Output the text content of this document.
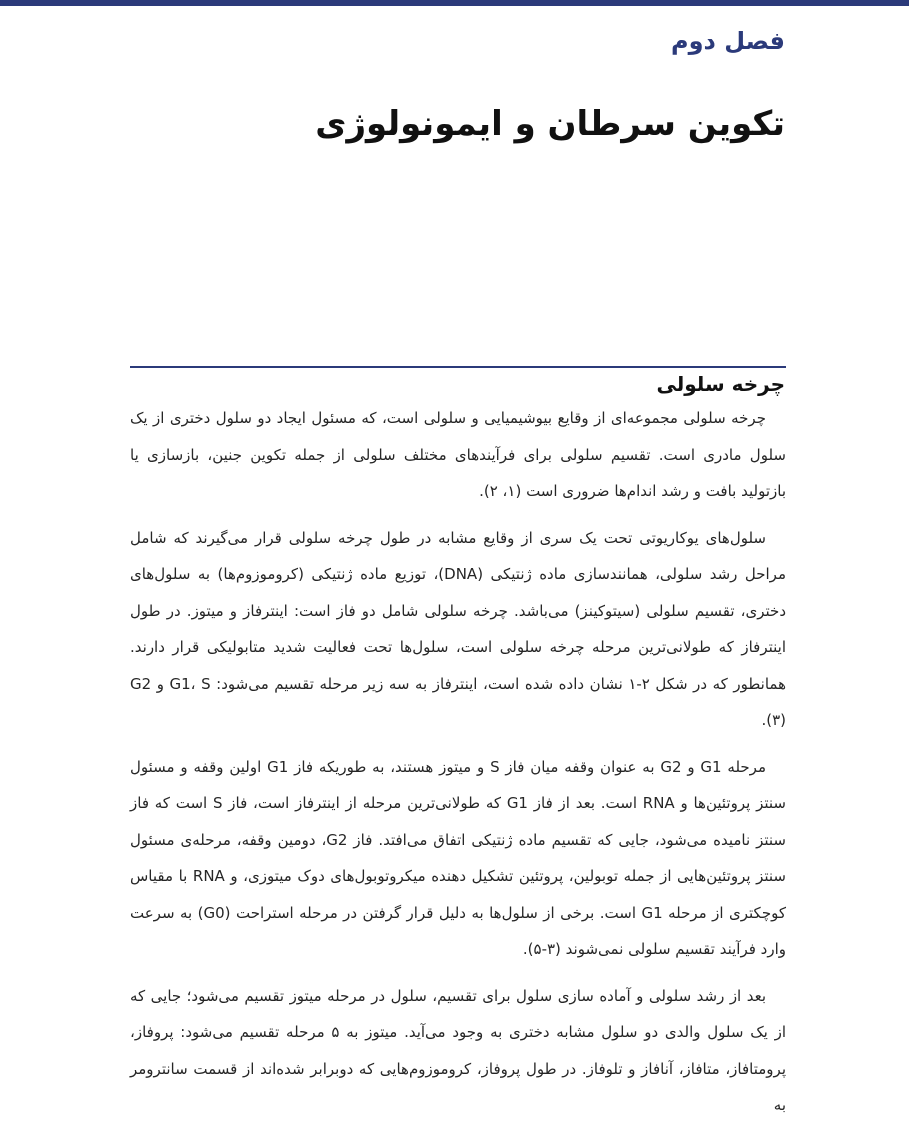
فصل دوم
تکوین سرطان و ایمونولوژی
چرخه سلولی

چرخه سلولی مجموعه‌ای از وقایع بیوشیمیایی و سلولی است، که مسئول ایجاد دو سلول دختری از یک سلول مادری است. تقسیم سلولی برای فرآیندهای مختلف سلولی از جمله تکوین جنین، بازسازی یا بازتولید بافت و رشد اندام‌ها ضروری است (۱، ۲).

سلول‌های یوکاریوتی تحت یک سری از وقایع مشابه در طول چرخه سلولی قرار می‌گیرند که شامل مراحل رشد سلولی، همانندسازی ماده ژنتیکی (DNA)، توزیع ماده ژنتیکی (کروموزوم‌ها) به سلول‌های دختری، تقسیم سلولی (سیتوکینز) می‌باشد. چرخه سلولی شامل دو فاز است: اینترفاز و میتوز. در طول اینترفاز که طولانی‌ترین مرحله چرخه سلولی است، سلول‌ها تحت فعالیت شدید متابولیکی قرار دارند. همانطور که در شکل ۲-۱ نشان داده شده است، اینترفاز به سه زیر مرحله تقسیم می‌شود: G1، S و G2 (۳).

مرحله G1 و G2 به عنوان وقفه میان فاز S و میتوز هستند، به طوریکه فاز G1 اولین وقفه و مسئول سنتز پروتئین‌ها و RNA است. بعد از فاز G1 که طولانی‌ترین مرحله از اینترفاز است، فاز S است که فاز سنتز نامیده می‌شود، جایی که تقسیم ماده ژنتیکی اتفاق می‌افتد. فاز G2، دومین وقفه، مرحله‌ی مسئول سنتز پروتئین‌هایی از جمله توبولین، پروتئین تشکیل دهنده میکروتوبول‌های دوک میتوزی، و RNA با مقیاس کوچکتری از مرحله G1 است. برخی از سلول‌ها به دلیل قرار گرفتن در مرحله استراحت (G0) به سرعت وارد فرآیند تقسیم سلولی نمی‌شوند (۳-۵).

بعد از رشد سلولی و آماده سازی سلول برای تقسیم، سلول در مرحله میتوز تقسیم می‌شود؛ جایی که از یک سلول والدی دو سلول مشابه دختری به وجود می‌آید. میتوز به ۵ مرحله تقسیم می‌شود: پروفاز، پرومتافاز، متافاز، آنافاز و تلوفاز. در طول پروفاز، کروموزوم‌هایی که دوبرابر شده‌اند از قسمت سانترومر به
